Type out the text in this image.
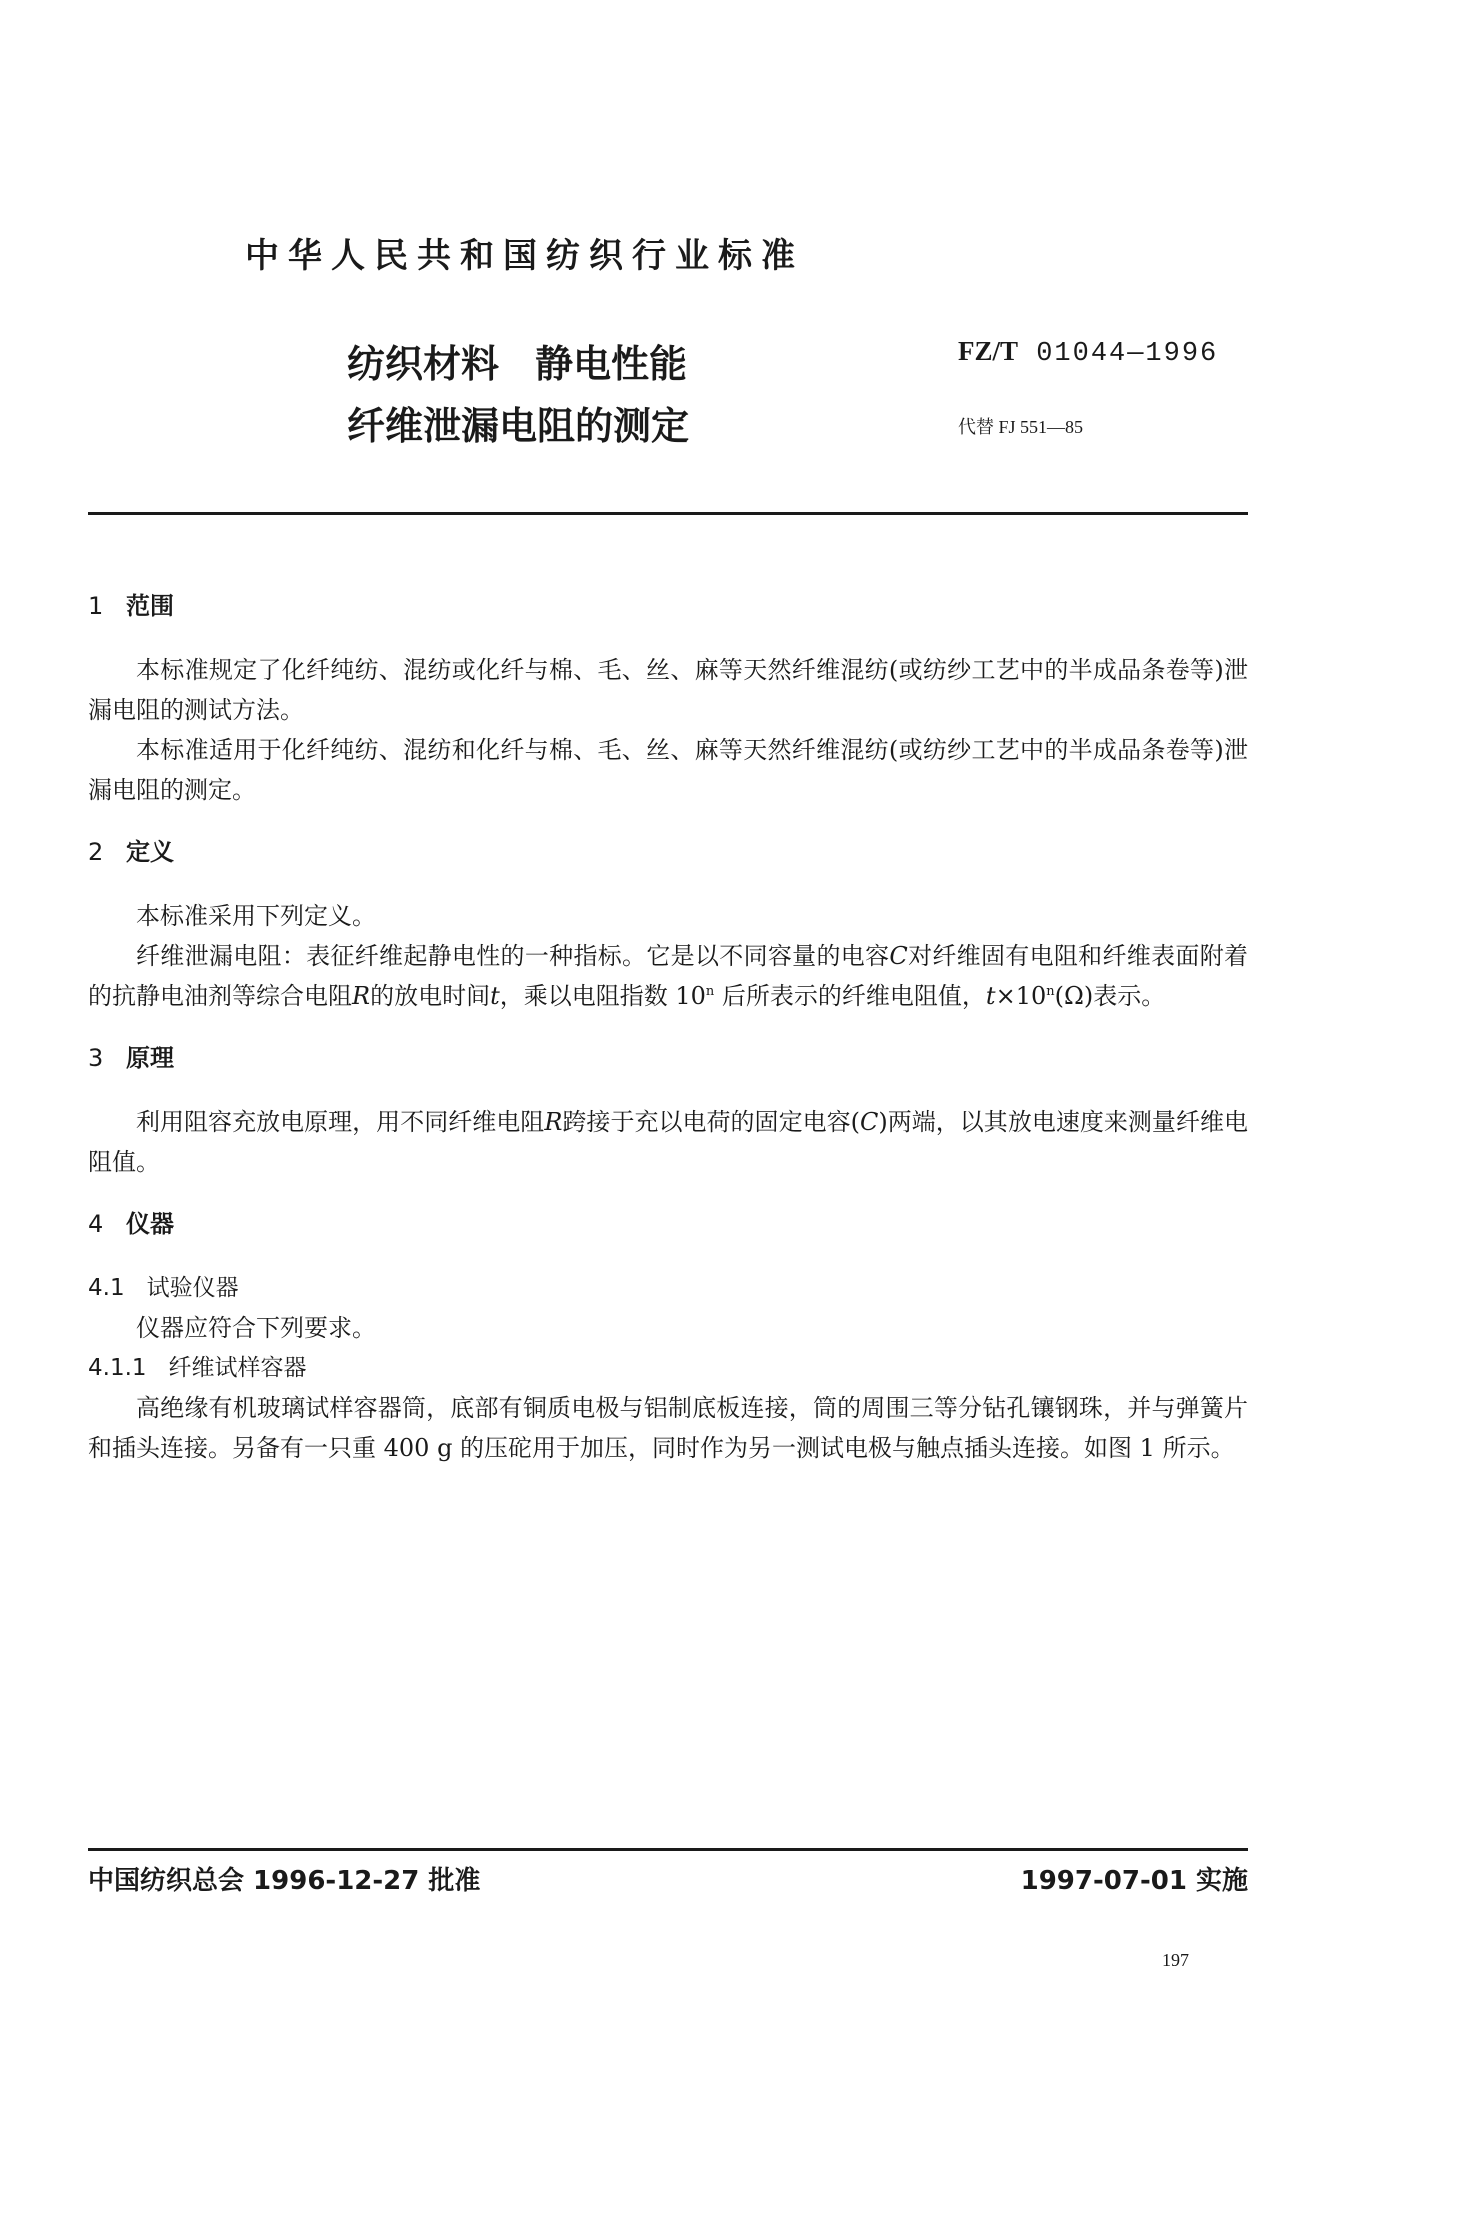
中华人民共和国纺织行业标准
纺织材料 静电性能
纤维泄漏电阻的测定
FZ/T 01044—1996
代替 FJ 551—85
1 范围

本标准规定了化纤纯纺、混纺或化纤与棉、毛、丝、麻等天然纤维混纺(或纺纱工艺中的半成品条卷等)泄漏电阻的测试方法。

本标准适用于化纤纯纺、混纺和化纤与棉、毛、丝、麻等天然纤维混纺(或纺纱工艺中的半成品条卷等)泄漏电阻的测定。

2 定义

本标准采用下列定义。

纤维泄漏电阻：表征纤维起静电性的一种指标。它是以不同容量的电容C对纤维固有电阻和纤维表面附着的抗静电油剂等综合电阻R的放电时间t，乘以电阻指数 10$^n$ 后所表示的纤维电阻值，$t\times 10^n(\Omega)$表示。

3 原理

利用阻容充放电原理，用不同纤维电阻R跨接于充以电荷的固定电容(C)两端，以其放电速度来测量纤维电阻值。

4 仪器
4.1 试验仪器

仪器应符合下列要求。

4.1.1 纤维试样容器

高绝缘有机玻璃试样容器筒，底部有铜质电极与铝制底板连接，筒的周围三等分钻孔镶钢珠，并与弹簧片和插头连接。另备有一只重 400 g 的压砣用于加压，同时作为另一测试电极与触点插头连接。如图 1 所示。

中国纺织总会 1996-12-27 批准	1997-07-01 实施
197
